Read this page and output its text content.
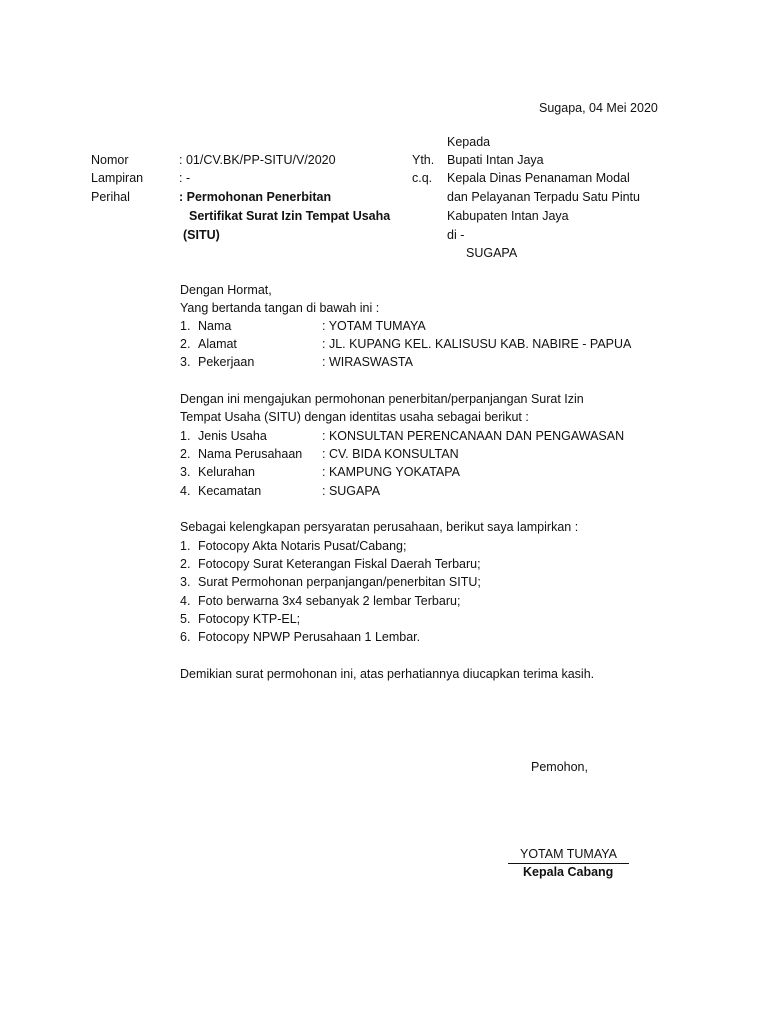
Sugapa, 04 Mei 2020
Nomor	: 01/CV.BK/PP-SITU/V/2020
Lampiran	: -
Perihal	: Permohonan Penerbitan
Sertifikat Surat Izin Tempat Usaha
(SITU)
Kepada
Yth. Bupati Intan Jaya
c.q. Kepala Dinas Penanaman Modal
dan Pelayanan Terpadu Satu Pintu
Kabupaten Intan Jaya
di -
SUGAPA
Dengan Hormat,
Yang bertanda tangan di bawah ini :
1. Nama	: YOTAM TUMAYA
2. Alamat	: JL. KUPANG KEL. KALISUSU KAB. NABIRE - PAPUA
3. Pekerjaan	: WIRASWASTA
Dengan ini mengajukan permohonan penerbitan/perpanjangan Surat Izin
Tempat Usaha (SITU) dengan identitas usaha sebagai berikut :
1. Jenis Usaha	: KONSULTAN PERENCANAAN DAN PENGAWASAN
2. Nama Perusahaan : CV. BIDA KONSULTAN
3. Kelurahan	: KAMPUNG YOKATAPA
4. Kecamatan	: SUGAPA
Sebagai kelengkapan persyaratan perusahaan, berikut saya lampirkan :
1. Fotocopy Akta Notaris Pusat/Cabang;
2. Fotocopy Surat Keterangan Fiskal Daerah Terbaru;
3. Surat Permohonan perpanjangan/penerbitan SITU;
4. Foto berwarna 3x4 sebanyak 2 lembar Terbaru;
5. Fotocopy KTP-EL;
6. Fotocopy NPWP Perusahaan 1 Lembar.
Demikian surat permohonan ini, atas perhatiannya diucapkan terima kasih.
Pemohon,
YOTAM TUMAYA
Kepala Cabang
